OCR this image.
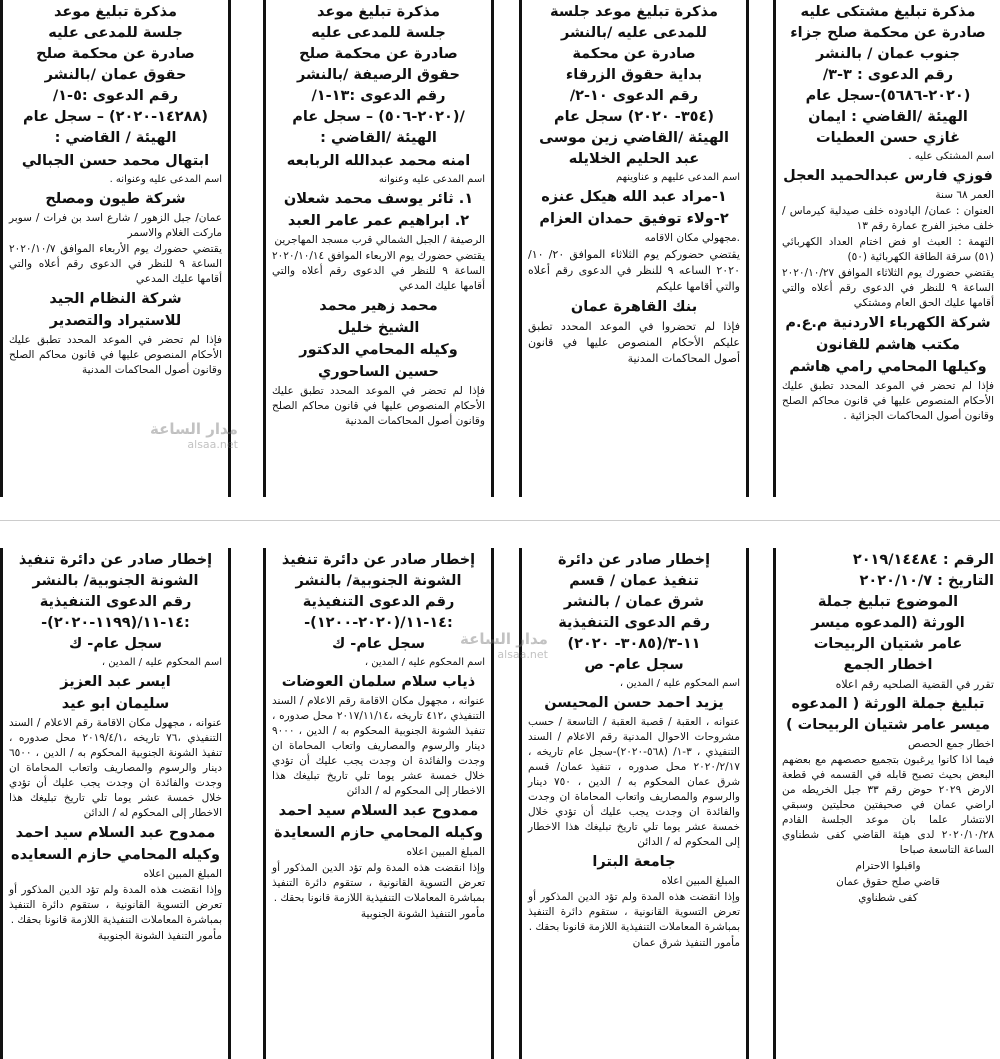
مذكرة تبليغ مشتكى عليه

صادرة عن محكمة صلح جزاء

جنوب عمان / بالنشر

رقم الدعوى : ٣-٣/

(٢٠٢٠-٥٦٨٦)-سجل عام

الهيئة /القاضي : ايمان

غازي حسن العطيات

اسم المشتكى عليه .

فوزي فارس عبدالحميد العجل

العمر ٦٨ سنة

العنوان : عمان/ اليادوده خلف صيدلية كيرماس / خلف مخبز الفرج عمارة رقم ١٣

التهمة : العبث او فض اختام العداد الكهربائي (٥١) سرقة الطاقة الكهربائية (٥٠)

يقتضي حضورك يوم الثلاثاء الموافق ٢٠٢٠/١٠/٢٧ الساعة ٩ للنظر في الدعوى رقم أعلاه والتي أقامها عليك الحق العام ومشتكي

شركة الكهرباء الاردنية م.ع.م

مكتب هاشم للقانون

وكيلها المحامي رامي هاشم

فإذا لم تحضر في الموعد المحدد تطبق عليك الأحكام المنصوص عليها في قانون محاكم الصلح وقانون أصول المحاكمات الجزائية .

مذكرة تبليغ موعد جلسة

للمدعى عليه /بالنشر

صادرة عن محكمة

بداية حقوق الزرقاء

رقم الدعوى ١٠-٢/

(٣٥٤- ٢٠٢٠) سجل عام

الهيئة /القاضي زين موسى

عبد الحليم الخلايله

اسم المدعى عليهم و عناوينهم

١-مراد عبد الله هيكل عنزه

٢-ولاء توفيق حمدان العزام

.مجهولي مكان الاقامه

يقتضي حضوركم يوم الثلاثاء الموافق ٢٠/ ١٠/ ٢٠٢٠ الساعه ٩ للنظر في الدعوى رقم أعلاه والتي أقامها عليكم

بنك القاهرة عمان

فإذا لم تحضروا في الموعد المحدد تطبق عليكم الأحكام المنصوص عليها في قانون أصول المحاكمات المدنية

مذكرة تبليغ موعد

جلسة للمدعى عليه

صادرة عن محكمة صلح

حقوق الرصيفة /بالنشر

رقم الدعوى :١٣-١/

/(٢٠٢٠-٥٠٦) – سجل عام

الهيئة /القاضي :

امنه محمد عبدالله الربابعه

اسم المدعى عليه وعنوانه

١. ثائر يوسف محمد شعلان

٢. ابراهيم عمر عامر العبد

الرصيفة / الجبل الشمالي قرب مسجد المهاجرين

يقتضي حضورك يوم الاربعاء الموافق ٢٠٢٠/١٠/١٤ الساعة ٩ للنظر في الدعوى رقم أعلاه والتي أقامها عليك المدعي

محمد زهير محمد

الشيخ خليل

وكيله المحامي الدكتور

حسين الساحوري

فإذا لم تحضر في الموعد المحدد تطبق عليك الأحكام المنصوص عليها في قانون محاكم الصلح وقانون أصول المحاكمات المدنية

مذكرة تبليغ موعد

جلسة للمدعى عليه

صادرة عن محكمة صلح

حقوق عمان /بالنشر

رقم الدعوى :٥-١/

(١٤٢٨٨-٢٠٢٠) – سجل عام

الهيئة / القاضي :

ابتهال محمد حسن الجبالي

اسم المدعى عليه وعنوانه .

شركة طيون ومصلح

عمان/ جبل الزهور / شارع اسد بن فرات / سوبر ماركت الغلام والاسمر

يقتضي حضورك يوم الأربعاء الموافق ٢٠٢٠/١٠/٧ الساعة ٩ للنظر في الدعوى رقم أعلاه والتي أقامها عليك المدعي

شركة النظام الجيد

للاستيراد والتصدير

فإذا لم تحضر في الموعد المحدد تطبق عليك الأحكام المنصوص عليها في قانون محاكم الصلح وقانون أصول المحاكمات المدنية

الرقم : ٢٠١٩/١٤٤٨٤

التاريخ : ٢٠٢٠/١٠/٧

الموضوع تبليغ جملة

الورثة (المدعوه ميسر

عامر شتيان الربيحات

اخطار الجمع

تقرر في القضية الصلحيه رقم اعلاه

تبليغ جملة الورثة ( المدعوه

ميسر عامر شتيان الربيحات )

اخطار جمع الحصص

فيما اذا كانوا يرغبون بتجميع حصصهم مع بعضهم البعض بحيث تصبح قابله في القسمه في قطعة الارض ٢٠٢٩ حوض رقم ٣٣ جبل الخريطه من اراضي عمان في صحيفتين محليتين وسبقي الانتشار علما بان موعد الجلسة القادم ٢٠٢٠/١٠/٢٨ لدى هيئة القاضي كفى شطناوي الساعة التاسعة صباحا

واقبلوا الاحترام

قاضي صلح حقوق عمان

كفى شطناوي

إخطار صادر عن دائرة

تنفيذ عمان / قسم

شرق عمان / بالنشر

رقم الدعوى التنفيذية

١١-٣/(٣٠٨٥- ٢٠٢٠)

سجل عام- ص

اسم المحكوم عليه / المدين ،

يزيد احمد حسن المحيسن

عنوانه ، العقبة / قصبة العقبة / التاسعة / حسب مشروحات الاحوال المدنية رقم الاعلام / السند التنفيذي ، ٣-١/ (٥٦٨-٢٠٢٠)-سجل عام تاريخه ، ٢٠٢٠/٢/١٧ محل صدوره ، تنفيذ عمان/ قسم شرق عمان المحكوم به / الدين ، ٧٥٠ دينار والرسوم والمصاريف واتعاب المحاماة ان وجدت والفائدة ان وجدت يجب عليك أن تؤدي خلال خمسة عشر يوما تلي تاريخ تبليغك هذا الاخطار إلى المحكوم له / الدائن

جامعة البترا

المبلغ المبين اعلاه

وإذا انقضت هذه المدة ولم تؤد الدين المذكور أو تعرض التسوية القانونية ، ستقوم دائرة التنفيذ بمباشرة المعاملات التنفيذية اللازمة قانونا بحقك .

مأمور التنفيذ شرق عمان

إخطار صادر عن دائرة تنفيذ

الشونة الجنوبية/ بالنشر

رقم الدعوى التنفيذية

:١٤-١١/(٢٠٢٠-١٢٠٠)-

سجل عام- ك

اسم المحكوم عليه / المدين ،

ذياب سلام سلمان العوضات

عنوانه ، مجهول مكان الاقامة رقم الاعلام / السند التنفيذي ،٤١٢ تاريخه ،٢٠١٧/١١/١٤ محل صدوره ، تنفيذ الشونة الجنوبية المحكوم به / الدين ، ٩٠٠٠ دينار والرسوم والمصاريف واتعاب المحاماة ان وجدت والفائدة ان وجدت يجب عليك أن تؤدي خلال خمسة عشر يوما تلي تاريخ تبليغك هذا الاخطار إلى المحكوم له / الدائن

ممدوح عبد السلام سيد احمد

وكيله المحامي حازم السعايدة

المبلغ المبين اعلاه

وإذا انقضت هذه المدة ولم تؤد الدين المذكور أو تعرض التسوية القانونية ، ستقوم دائرة التنفيذ بمباشرة المعاملات التنفيذية اللازمة قانونا بحقك .

مأمور التنفيذ الشونة الجنوبية

إخطار صادر عن دائرة تنفيذ

الشونة الجنوبية/ بالنشر

رقم الدعوى التنفيذية

:١٤-١١/(١١٩٩-٢٠٢٠)-

سجل عام- ك

اسم المحكوم عليه / المدين ،

ايسر عبد العزيز

سليمان ابو عيد

عنوانه ، مجهول مكان الاقامة رقم الاعلام / السند التنفيذي ،٧٦ تاريخه ،٢٠١٩/٤/١ محل صدوره ، تنفيذ الشونة الجنوبية المحكوم به / الدين ، ٦٥٠٠ دينار والرسوم والمصاريف واتعاب المحاماة ان وجدت والفائدة ان وجدت يجب عليك أن تؤدي خلال خمسة عشر يوما تلي تاريخ تبليغك هذا الاخطار إلى المحكوم له / الدائن

ممدوح عبد السلام سيد احمد

وكيله المحامي حازم السعايده

المبلغ المبين اعلاه

وإذا انقضت هذه المدة ولم تؤد الدين المذكور أو تعرض التسوية القانونية ، ستقوم دائرة التنفيذ بمباشرة المعاملات التنفيذية اللازمة قانونا بحقك .

مأمور التنفيذ الشونة الجنوبية

مدار الساعة
alsaa.net
مدار الساعة
alsaa.net
